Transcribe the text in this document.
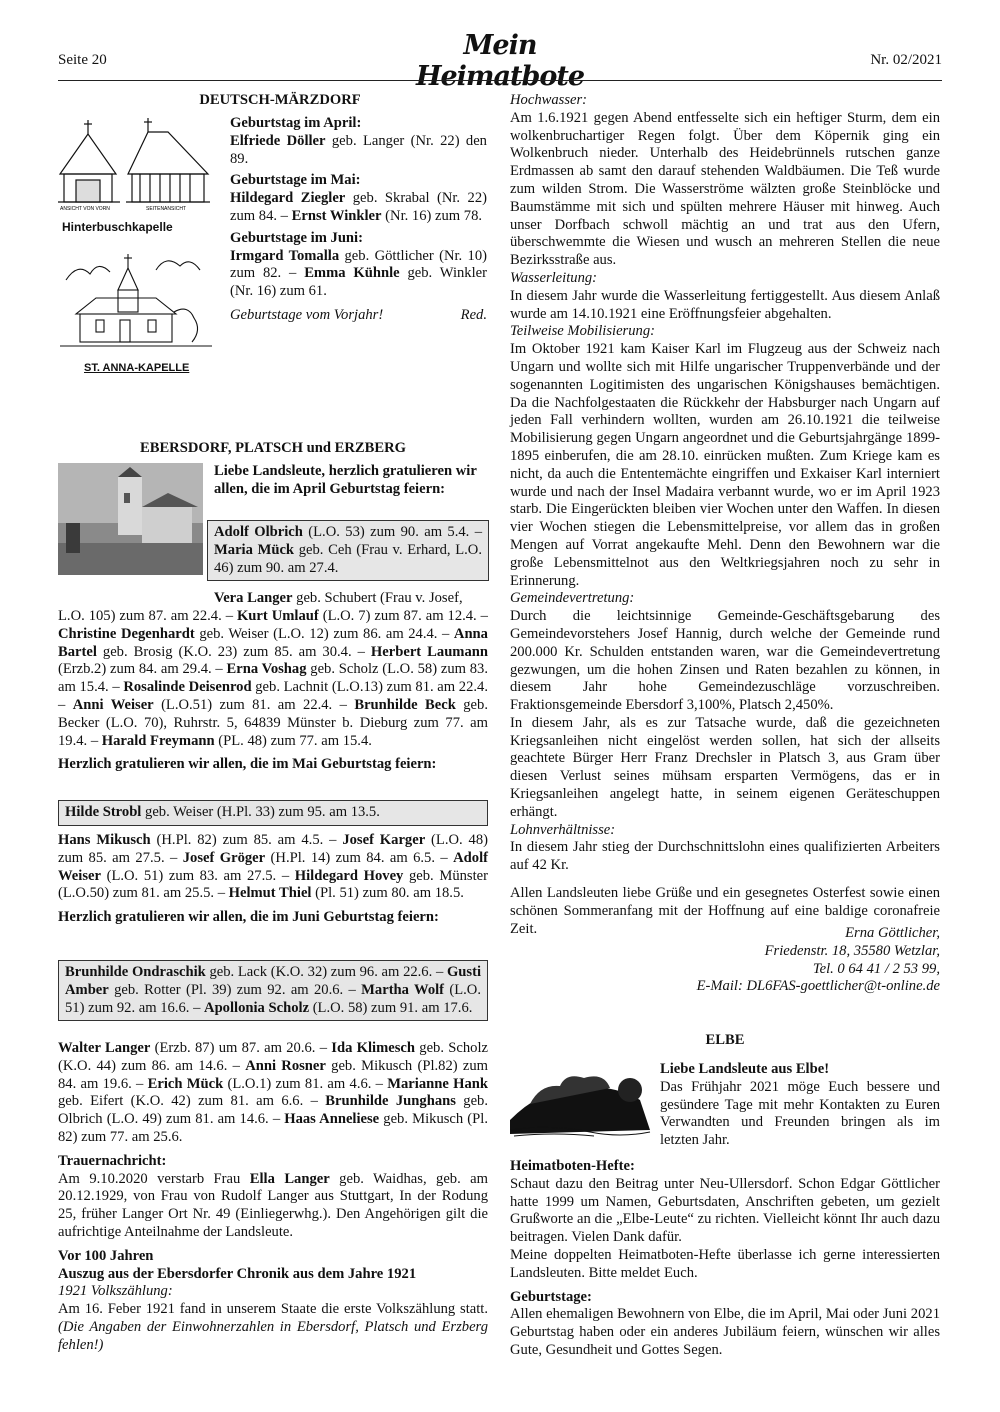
Seite 20	Mein Heimatbote
Nr. 02/2021
DEUTSCH-MÄRZDORF
ANSICHT VON VORN	SEITENANSICHT
Hinterbuschkapelle
ST. ANNA-KAPELLE

Geburtstag im April:

Elfriede Döller geb. Langer (Nr. 22) den 89.

Geburtstage im Mai:

Hildegard Ziegler geb. Skrabal (Nr. 22) zum 84. – Ernst Winkler (Nr. 16) zum 78.

Geburtstage im Juni:

Irmgard Tomalla geb. Göttlicher (Nr. 10) zum 82. – Emma Kühnle geb. Winkler (Nr. 16) zum 61.

Geburtstage vom Vorjahr!	Red.

EBERSDORF, PLATSCH und ERZBERG

Liebe Landsleute, herzlich gratulieren wir allen, die im April Geburtstag feiern:

Adolf Olbrich (L.O. 53) zum 90. am 5.4. – Maria Mück geb. Ceh (Frau v. Erhard, L.O. 46) zum 90. am 27.4.

Vera Langer geb. Schubert (Frau v. Josef,

L.O. 105) zum 87. am 22.4. – Kurt Umlauf (L.O. 7) zum 87. am 12.4. – Christine Degenhardt geb. Weiser (L.O. 12) zum 86. am 24.4. – Anna Bartel geb. Brosig (K.O. 23) zum 85. am 30.4. – Herbert Laumann (Erzb.2) zum 84. am 29.4. – Erna Voshag geb. Scholz (L.O. 58) zum 83. am 15.4. – Rosalinde Deisenrod geb. Lachnit (L.O.13) zum 81. am 22.4. – Anni Weiser (L.O.51) zum 81. am 22.4. – Brunhilde Beck geb. Becker (L.O. 70), Ruhrstr. 5, 64839 Münster b. Dieburg zum 77. am 19.4. – Harald Freymann (PL. 48) zum 77. am 15.4.

Herzlich gratulieren wir allen, die im Mai Geburtstag feiern:

Hilde Strobl geb. Weiser (H.Pl. 33) zum 95. am 13.5.

Hans Mikusch (H.Pl. 82) zum 85. am 4.5. – Josef Karger (L.O. 48) zum 85. am 27.5. – Josef Gröger (H.Pl. 14) zum 84. am 6.5. – Adolf Weiser (L.O. 51) zum 83. am 27.5. – Hildegard Hovey geb. Münster (L.O.50) zum 81. am 25.5. – Helmut Thiel (Pl. 51) zum 80. am 18.5.

Herzlich gratulieren wir allen, die im Juni Geburtstag feiern:

Brunhilde Ondraschik geb. Lack (K.O. 32) zum 96. am 22.6. – Gusti Amber geb. Rotter (Pl. 39) zum 92. am 20.6. – Martha Wolf (L.O. 51) zum 92. am 16.6. – Apollonia Scholz (L.O. 58) zum 91. am 17.6.

Walter Langer (Erzb. 87) um 87. am 20.6. – Ida Klimesch geb. Scholz (K.O. 44) zum 86. am 14.6. – Anni Rosner geb. Mikusch (Pl.82) zum 84. am 19.6. – Erich Mück (L.O.1) zum 81. am 4.6. – Marianne Hank geb. Eifert (K.O. 42) zum 81. am 6.6. – Brunhilde Junghans geb. Olbrich (L.O. 49) zum 81. am 14.6. – Haas Anneliese geb. Mikusch (Pl. 82) zum 77. am 25.6.

Trauernachricht:

Am 9.10.2020 verstarb Frau Ella Langer geb. Waidhas, geb. am 20.12.1929, von Frau von Rudolf Langer aus Stuttgart, In der Rodung 25, früher Langer Ort Nr. 49 (Einliegerwhg.). Den Angehörigen gilt die aufrichtige Anteilnahme der Landsleute.

Vor 100 Jahren

Auszug aus der Ebersdorfer Chronik aus dem Jahre 1921

1921 Volkszählung:

Am 16. Feber 1921 fand in unserem Staate die erste Volkszählung statt. (Die Angaben der Einwohnerzahlen in Ebersdorf, Platsch und Erzberg fehlen!)

Hochwasser:

Am 1.6.1921 gegen Abend entfesselte sich ein heftiger Sturm, dem ein wolkenbruchartiger Regen folgt. Über dem Köpernik ging ein Wolkenbruch nieder. Unterhalb des Heidebrünnels rutschen ganze Erdmassen ab samt den darauf stehenden Waldbäumen. Die Teß wurde zum wilden Strom. Die Wasserströme wälzten große Steinblöcke und Baumstämme mit sich und spülten mehrere Häuser mit hinweg. Auch unser Dorfbach schwoll mächtig an und trat aus den Ufern, überschwemmte die Wiesen und wusch an mehreren Stellen die neue Bezirksstraße aus.

Wasserleitung:

In diesem Jahr wurde die Wasserleitung fertiggestellt. Aus diesem Anlaß wurde am 14.10.1921 eine Eröffnungsfeier abgehalten.

Teilweise Mobilisierung:

Im Oktober 1921 kam Kaiser Karl im Flugzeug aus der Schweiz nach Ungarn und wollte sich mit Hilfe ungarischer Truppenverbände und der sogenannten Logitimisten des ungarischen Königshauses bemächtigen. Da die Nachfolgestaaten die Rückkehr der Habsburger nach Ungarn auf jeden Fall verhindern wollten, wurden am 26.10.1921 die teilweise Mobilisierung gegen Ungarn angeordnet und die Geburtsjahrgänge 1899-1895 einberufen, die am 28.10. einrücken mußten. Zum Kriege kam es nicht, da auch die Ententemächte eingriffen und Exkaiser Karl interniert wurde und nach der Insel Madaira verbannt wurde, wo er im April 1923 starb. Die Eingerückten bleiben vier Wochen unter den Waffen. In diesen vier Wochen stiegen die Lebensmittelpreise, vor allem das in großen Mengen auf Vorrat angekaufte Mehl. Denn den Bewohnern war die große Lebensmittelnot aus den Weltkriegsjahren noch zu sehr in Erinnerung.

Gemeindevertretung:

Durch die leichtsinnige Gemeinde-Geschäftsgebarung des Gemeindevorstehers Josef Hannig, durch welche der Gemeinde rund 200.000 Kr. Schulden entstanden waren, war die Gemeindevertretung gezwungen, um die hohen Zinsen und Raten bezahlen zu können, in diesem Jahr hohe Gemeindezuschläge vorzuschreiben. Fraktionsgemeinde Ebersdorf 3,100%, Platsch 2,450%.

In diesem Jahr, als es zur Tatsache wurde, daß die gezeichneten Kriegsanleihen nicht eingelöst werden sollen, hat sich der allseits geachtete Bürger Herr Franz Drechsler in Platsch 3, aus Gram über diesen Verlust seines mühsam ersparten Vermögens, das er in Kriegsanleihen angelegt hatte, in seinem eigenen Geräteschuppen erhängt.

Lohnverhältnisse:

In diesem Jahr stieg der Durchschnittslohn eines qualifizierten Arbeiters auf 42 Kr.

Allen Landsleuten liebe Grüße und ein gesegnetes Osterfest sowie einen schönen Sommeranfang mit der Hoffnung auf eine baldige coronafreie Zeit.	Erna Göttlicher,

Friedenstr. 18, 35580 Wetzlar,

Tel. 0 64 41 / 2 53 99,

E-Mail: DL6FAS-goettlicher@t-online.de

ELBE

Liebe Landsleute aus Elbe!

Das Frühjahr 2021 möge Euch bessere und gesündere Tage mit mehr Kontakten zu Euren Verwandten und Freunden bringen als im letzten Jahr.

Heimatboten-Hefte:

Schaut dazu den Beitrag unter Neu-Ullersdorf. Schon Edgar Göttlicher hatte 1999 um Namen, Geburtsdaten, Anschriften gebeten, um gezielt Grußworte an die „Elbe-Leute“ zu richten. Vielleicht könnt Ihr auch dazu beitragen. Vielen Dank dafür.

Meine doppelten Heimatboten-Hefte überlasse ich gerne interessierten Landsleuten. Bitte meldet Euch.

Geburtstage:

Allen ehemaligen Bewohnern von Elbe, die im April, Mai oder Juni 2021 Geburtstag haben oder ein anderes Jubiläum feiern, wünschen wir alles Gute, Gesundheit und Gottes Segen.
